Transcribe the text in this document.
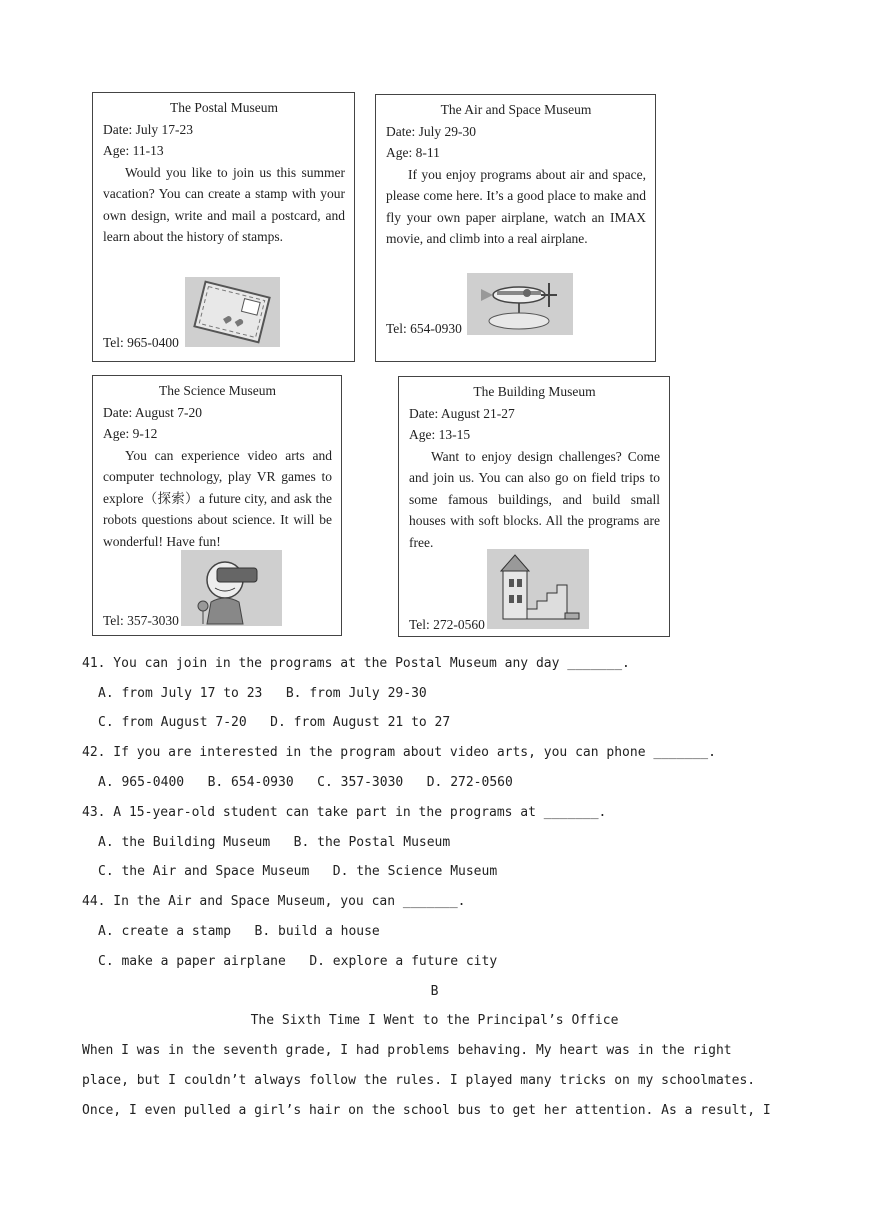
The Postal Museum
Date: July 17-23
Age: 11-13
Would you like to join us this summer vacation? You can create a stamp with your own design, write and mail a postcard, and learn about the history of stamps.
Tel: 965-0400
The Air and Space Museum
Date: July 29-30
Age: 8-11
If you enjoy programs about air and space, please come here. It’s a good place to make and fly your own paper airplane, watch an IMAX movie, and climb into a real airplane.
Tel: 654-0930
The Science Museum
Date: August 7-20
Age: 9-12
You can experience video arts and computer technology, play VR games to explore（探索）a future city, and ask the robots questions about science. It will be wonderful! Have fun!
Tel: 357-3030
The Building Museum
Date: August 21-27
Age: 13-15
Want to enjoy design challenges? Come and join us. You can also go on field trips to some famous buildings, and build small houses with soft blocks. All the programs are free.
Tel: 272-0560
41. You can join in the programs at the Postal Museum any day _______.
A. from July 17 to 23   B. from July 29-30
C. from August 7-20   D. from August 21 to 27
42. If you are interested in the program about video arts, you can phone _______.
A. 965-0400   B. 654-0930   C. 357-3030   D. 272-0560
43. A 15-year-old student can take part in the programs at _______.
A. the Building Museum   B. the Postal Museum
C. the Air and Space Museum   D. the Science Museum
44. In the Air and Space Museum, you can _______.
A. create a stamp   B. build a house
C. make a paper airplane   D. explore a future city
B
The Sixth Time I Went to the Principal’s Office
When I was in the seventh grade, I had problems behaving. My heart was in the right
place, but I couldn’t always follow the rules. I played many tricks on my schoolmates.
Once, I even pulled a girl’s hair on the school bus to get her attention. As a result, I
